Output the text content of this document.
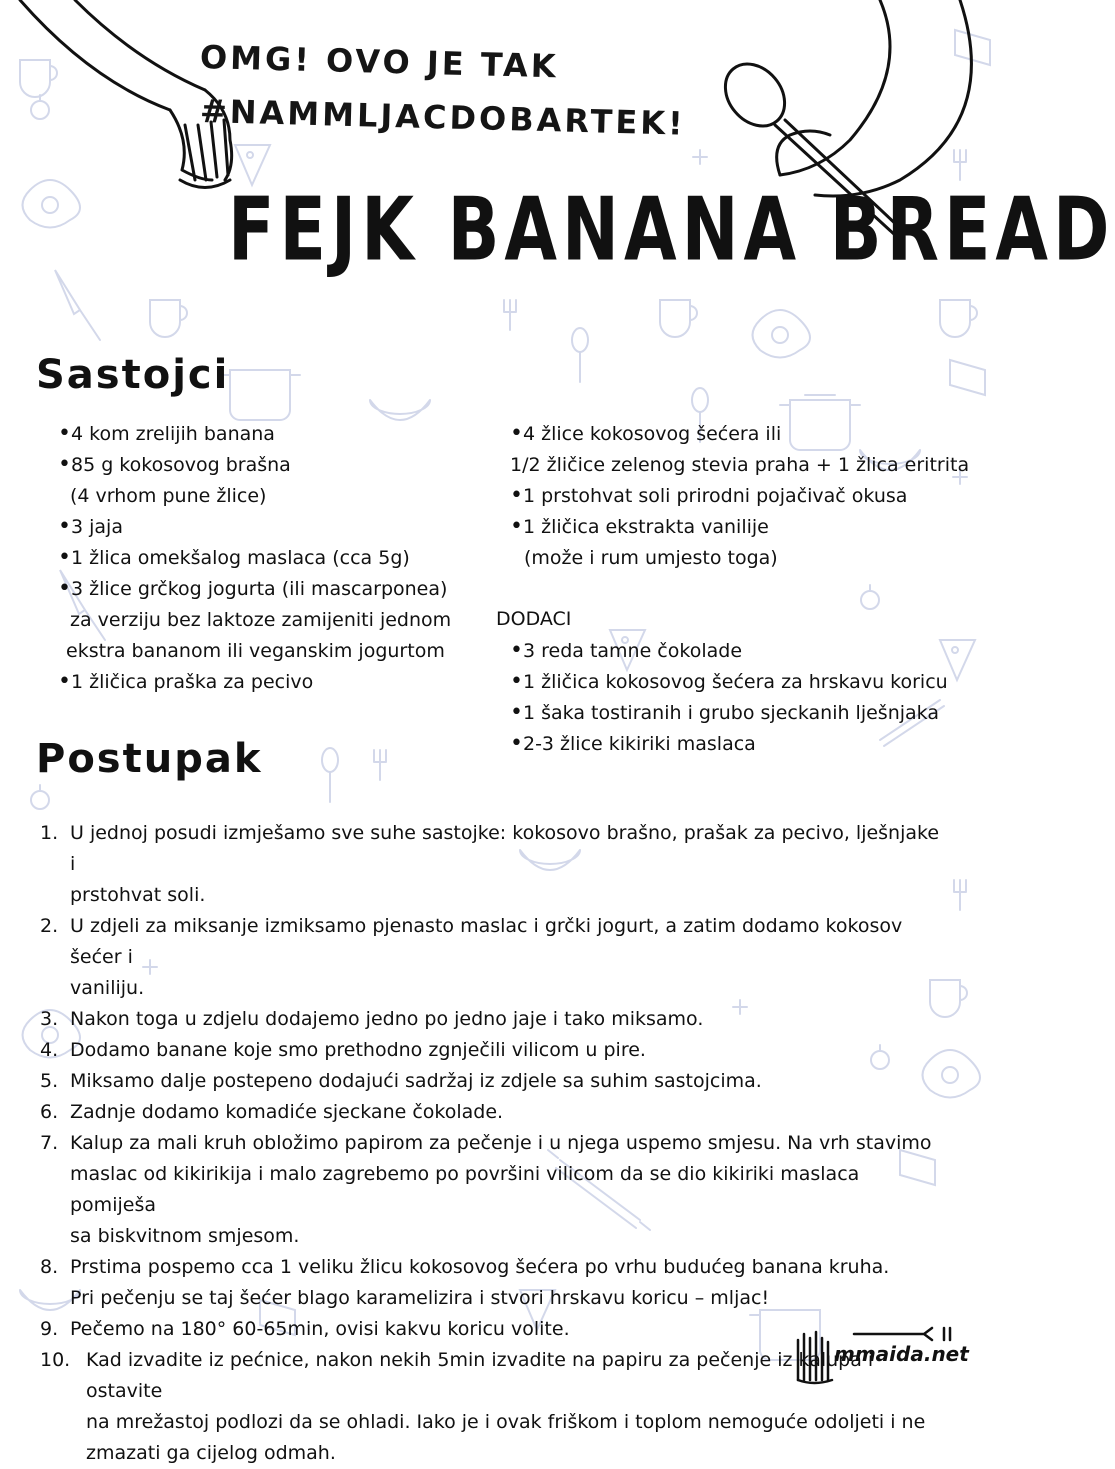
OMG! OVO JE TAK
#NAMMLJACDOBARTEK!
FEJK BANANA BREAD
Sastojci
•4 kom zrelijih banana
•85 g kokosovog brašna
(4 vrhom pune žlice)
•3 jaja
•1 žlica omekšalog maslaca (cca 5g)
•3 žlice grčkog jogurta (ili mascarponea)
za verziju bez laktoze zamijeniti jednom
ekstra bananom ili veganskim jogurtom
•1 žličica praška za pecivo
•4 žlice kokosovog šećera ili
1/2 žličice zelenog stevia praha + 1 žlica eritrita
•1 prstohvat soli prirodni pojačivač okusa
•1 žličica ekstrakta vanilije
(može i rum umjesto toga)
DODACI
•3 reda tamne čokolade
•1 žličica kokosovog šećera za hrskavu koricu
•1 šaka tostiranih i grubo sjeckanih lješnjaka
•2-3 žlice kikiriki maslaca
Postupak
1. U jednoj posudi izmješamo sve suhe sastojke: kokosovo brašno, prašak za pecivo, lješnjake i
prstohvat soli.
2. U zdjeli za miksanje izmiksamo pjenasto maslac i grčki jogurt, a zatim dodamo kokosov šećer i
vaniliju.
3. Nakon toga u zdjelu dodajemo jedno po jedno jaje i tako miksamo.
4. Dodamo banane koje smo prethodno zgnječili vilicom u pire.
5. Miksamo dalje postepeno dodajući sadržaj iz zdjele sa suhim sastojcima.
6. Zadnje dodamo komadiće sjeckane čokolade.
7. Kalup za mali kruh obložimo papirom za pečenje i u njega uspemo smjesu. Na vrh stavimo
maslac od kikirikija i malo zagrebemo po površini vilicom da se dio kikiriki maslaca pomiješa
sa biskvitnom smjesom.
8. Prstima pospemo cca 1 veliku žlicu kokosovog šećera po vrhu budućeg banana kruha.
Pri pečenju se taj šećer blago karamelizira i stvori hrskavu koricu – mljac!
9. Pečemo na 180° 60-65min, ovisi kakvu koricu volite.
10. Kad izvadite iz pećnice, nakon nekih 5min izvadite na papiru za pečenje iz kalupa i ostavite
na mrežastoj podlozi da se ohladi. Iako je i ovak friškom i toplom nemoguće odoljeti i ne
zmazati ga cijelog odmah.
mmaida.net
